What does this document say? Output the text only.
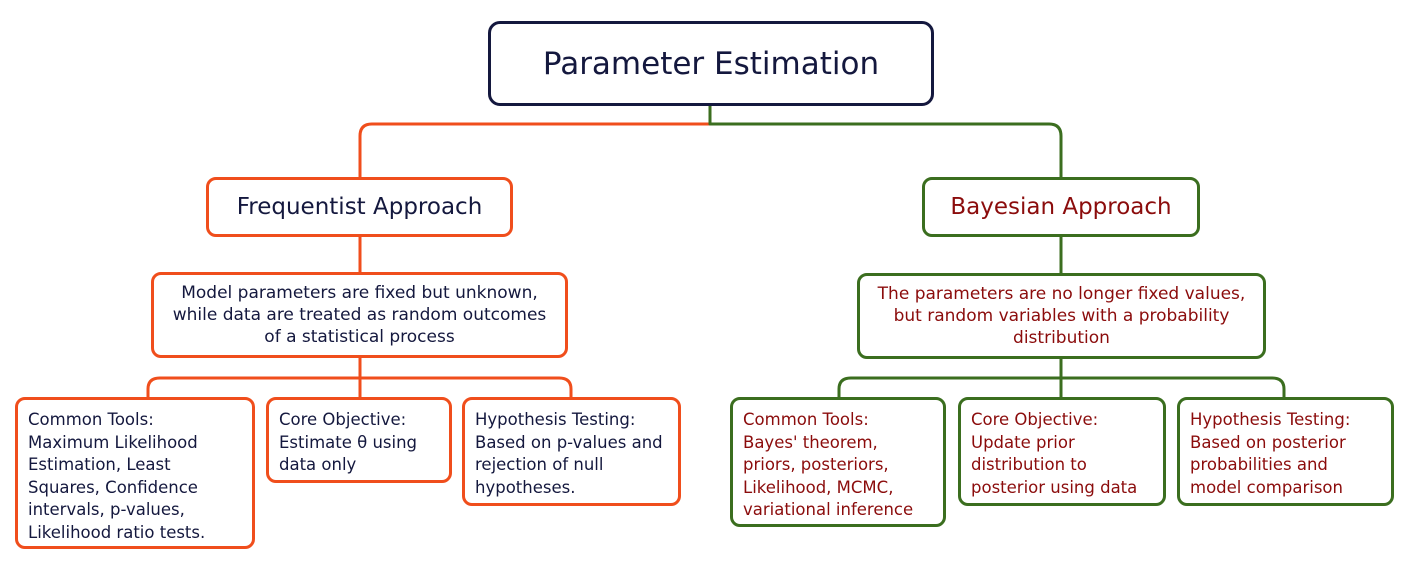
Parameter Estimation
Frequentist Approach
Model parameters are fixed but unknown, while data are treated as random outcomes of a statistical process
Common Tools:
Maximum Likelihood Estimation, Least Squares, Confidence intervals, p-values, Likelihood ratio tests.
Core Objective:
Estimate θ using data only
Hypothesis Testing:
Based on p-values and rejection of null hypotheses.
Bayesian Approach
The parameters are no longer fixed values, but random variables with a probability distribution
Common Tools:
Bayes' theorem, priors, posteriors, Likelihood, MCMC, variational inference
Core Objective:
Update prior distribution to posterior using data
Hypothesis Testing:
Based on posterior probabilities and model comparison
